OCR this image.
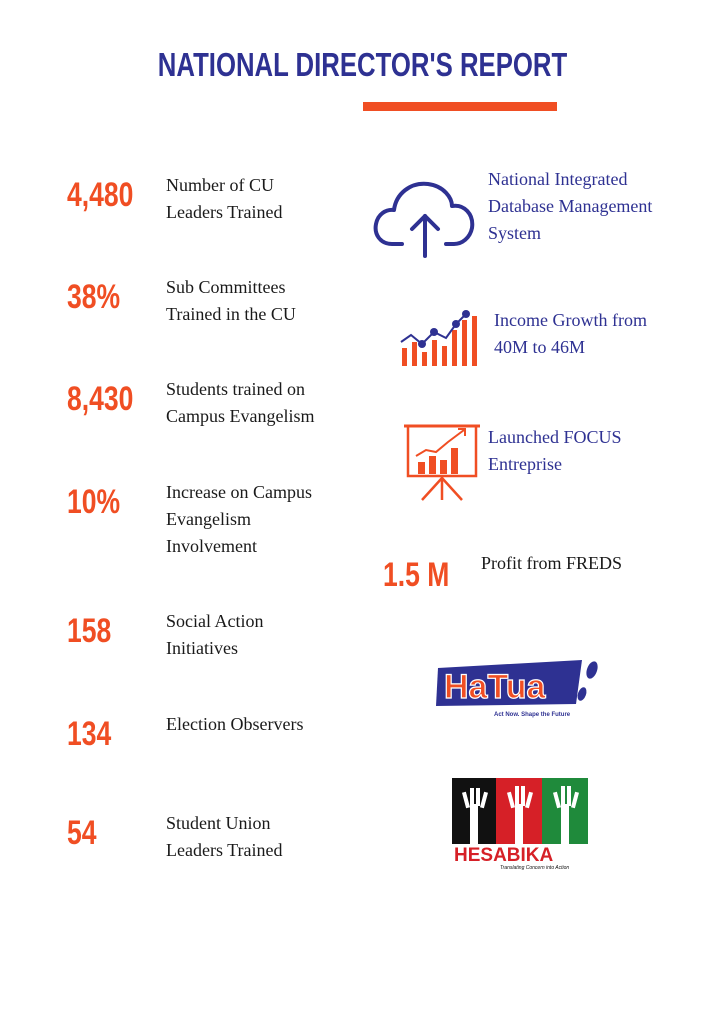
NATIONAL DIRECTOR'S REPORT
4,480	Number of CU Leaders Trained
38%	Sub Committees Trained in the CU
8,430	Students trained on Campus Evangelism
10%	Increase on Campus Evangelism Involvement
158	Social Action Initiatives
134	Election Observers
54	Student Union Leaders Trained
National Integrated Database Management System
Income Growth from 40M to 46M
Launched FOCUS Entreprise
1.5 M Profit from FREDS
HaTua
Act Now. Shape the Future
HESABIKA
Translating Concern into Action
